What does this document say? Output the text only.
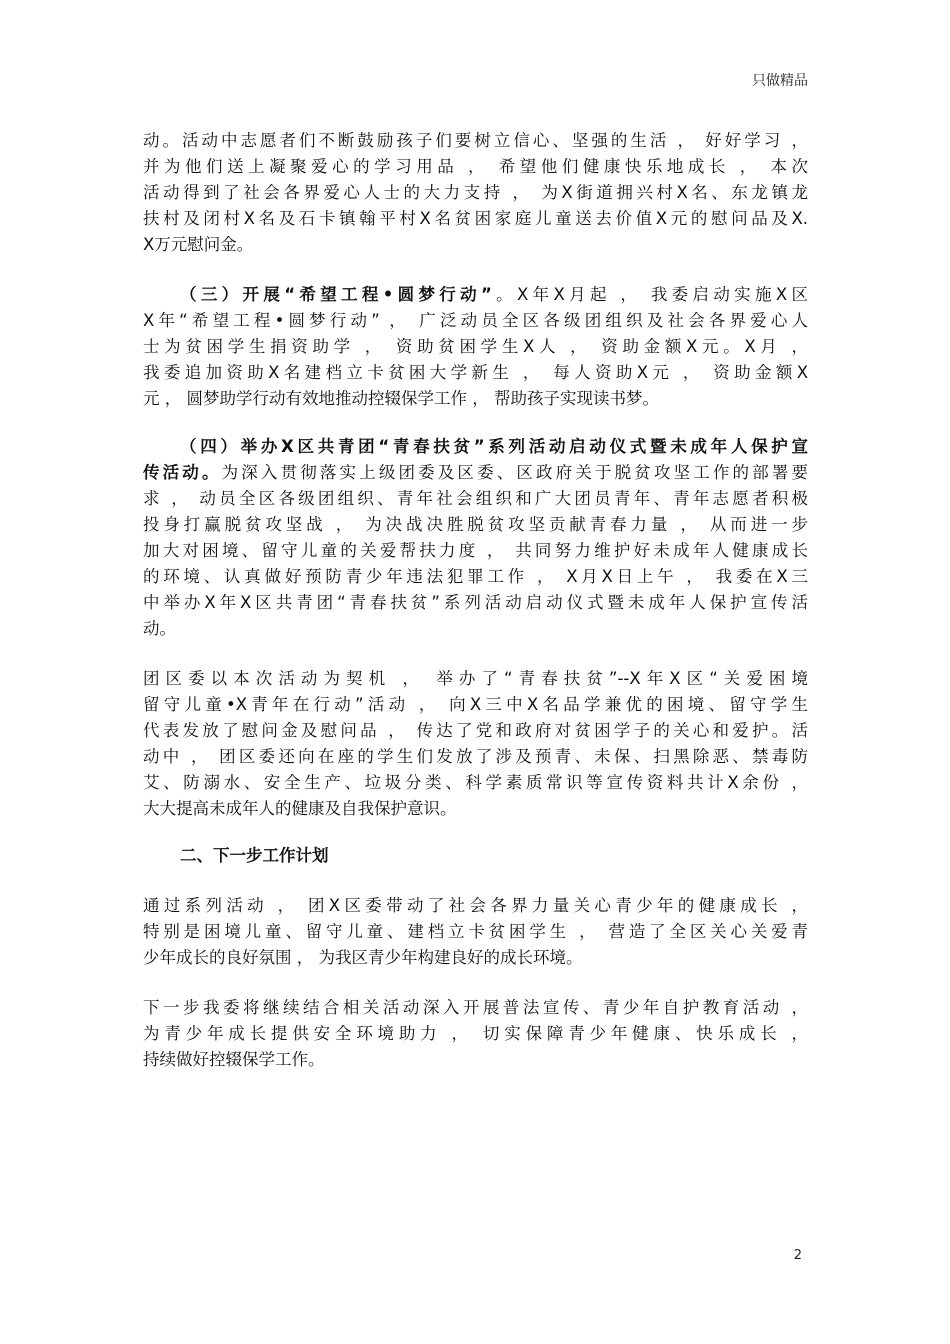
只做精品
动。活动中志愿者们不断鼓励孩子们要树立信心、坚强的生活 ， 好好学习 ，
并为他们送上凝聚爱心的学习用品 ， 希望他们健康快乐地成长 ， 本次
活动得到了社会各界爱心人士的大力支持 ， 为X街道拥兴村X名、东龙镇龙
扶村及闭村X名及石卡镇翰平村X名贫困家庭儿童送去价值X元的慰问品及X.
X万元慰问金。
（三）开展“希望工程•圆梦行动”。X年X月起 ， 我委启动实施X区
X年“希望工程•圆梦行动” ， 广泛动员全区各级团组织及社会各界爱心人
士为贫困学生捐资助学 ， 资助贫困学生X人 ， 资助金额X元。X月 ，
我委追加资助X名建档立卡贫困大学新生 ， 每人资助X元 ， 资助金额X
元 ， 圆梦助学行动有效地推动控辍保学工作 ， 帮助孩子实现读书梦。
（四）举办X区共青团“青春扶贫”系列活动启动仪式暨未成年人保护宣
传活动。为深入贯彻落实上级团委及区委、区政府关于脱贫攻坚工作的部署要
求 ， 动员全区各级团组织、青年社会组织和广大团员青年、青年志愿者积极
投身打赢脱贫攻坚战 ， 为决战决胜脱贫攻坚贡献青春力量 ， 从而进一步
加大对困境、留守儿童的关爱帮扶力度 ， 共同努力维护好未成年人健康成长
的环境、认真做好预防青少年违法犯罪工作 ， X月X日上午 ， 我委在X三
中举办X年X区共青团“青春扶贫”系列活动启动仪式暨未成年人保护宣传活
动。
团区委以本次活动为契机 ， 举办了“青春扶贫”--X年X区“关爱困境
留守儿童•X青年在行动”活动 ， 向X三中X名品学兼优的困境、留守学生
代表发放了慰问金及慰问品 ， 传达了党和政府对贫困学子的关心和爱护。活
动中 ， 团区委还向在座的学生们发放了涉及预青、未保、扫黑除恶、禁毒防
艾、防溺水、安全生产、垃圾分类、科学素质常识等宣传资料共计X余份 ，
大大提高未成年人的健康及自我保护意识。
二、下一步工作计划
通过系列活动 ， 团X区委带动了社会各界力量关心青少年的健康成长 ，
特别是困境儿童、留守儿童、建档立卡贫困学生 ， 营造了全区关心关爱青
少年成长的良好氛围 ， 为我区青少年构建良好的成长环境。
下一步我委将继续结合相关活动深入开展普法宣传、青少年自护教育活动 ，
为青少年成长提供安全环境助力 ， 切实保障青少年健康、快乐成长 ，
持续做好控辍保学工作。
2
